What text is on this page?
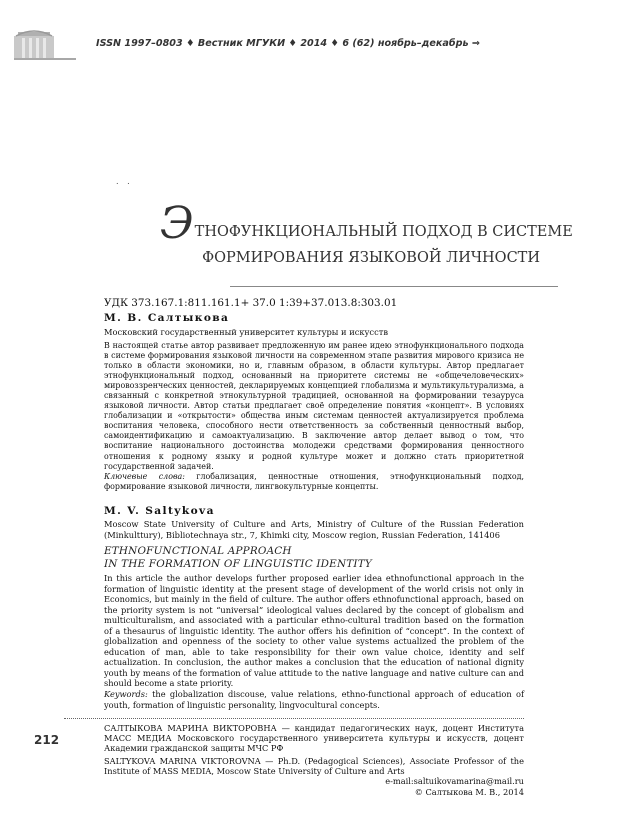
ISSN 1997–0803 ♦ Вестник МГУКИ ♦ 2014 ♦ 6 (62) ноябрь–декабрь ⇒
. .
ЭТНОФУНКЦИОНАЛЬНЫЙ ПОДХОД В СИСТЕМЕ
ФОРМИРОВАНИЯ ЯЗЫКОВОЙ ЛИЧНОСТИ
УДК 373.167.1:811.161.1+ 37.0 1:39+37.013.8:303.01
М. В. Салтыкова
Московский государственный университет культуры и искусств

В настоящей статье автор развивает предложенную им ранее идею этнофункционального подхода в системе формирования языковой личности на современном этапе развития мирового кризиса не только в области экономики, но и, главным образом, в области культуры. Автор предлагает этнофункциональный подход, основанный на приоритете системы не «общечеловеческих» мировоззренческих ценностей, декларируемых концепцией глобализма и мультикультурализма, а связанный с конкретной этнокультурной традицией, основанной на формировании тезауруса языковой личности. Автор статьи предлагает своё определение понятия «концепт». В условиях глобализации и «открытости» общества иным системам ценностей актуализируется проблема воспитания человека, способного нести ответственность за собственный ценностный выбор, самоидентификацию и самоактуализацию. В заключение автор делает вывод о том, что воспитание национального достоинства молодежи средствами формирования ценностного отношения к родному языку и родной культуре может и должно стать приоритетной государственной задачей.

Ключевые слова: глобализация, ценностные отношения, этнофункциональный подход, формирование языковой личности, лингвокультурные концепты.

M. V. Saltykova
Moscow State University of Culture and Arts, Ministry of Culture of the Russian Federation (Minkulttury), Bibliotechnaya str., 7, Khimki city, Moscow region, Russian Federation, 141406
ETHNOFUNCTIONAL APPROACH
IN THE FORMATION OF LINGUISTIC IDENTITY

In this article the author develops further proposed earlier idea ethnofunctional approach in the formation of linguistic identity at the present stage of development of the world crisis not only in Economics, but mainly in the field of culture. The author offers ethnofunctional approach, based on the priority system is not “universal” ideological values declared by the concept of globalism and multiculturalism, and associated with a particular ethno-cultural tradition based on the formation of a thesaurus of linguistic identity. The author offers his definition of “concept”. In the context of globalization and openness of the society to other value systems actualized the problem of the education of man, able to take responsibility for their own value choice, identity and self actualization. In conclusion, the author makes a conclusion that the education of national dignity youth by means of the formation of value attitude to the native language and native culture can and should become a state priority.

Keywords: the globalization discouse, value relations, ethno-functional approach of education of youth, formation of linguistic personality, lingvocultural concepts.

212

САЛТЫКОВА МАРИНА ВИКТОРОВНА — кандидат педагогических наук, доцент Института МАСС МЕДИА Московского государственного университета культуры и искусств, доцент Академии гражданской защиты МЧС РФ

SALTYKOVA MARINA VIKTOROVNA — Ph.D. (Pedagogical Sciences), Associate Professor of the Institute of MASS MEDIA, Moscow State University of Culture and Arts

e-mail:saltuikovamarina@mail.ru

© Салтыкова М. В., 2014
